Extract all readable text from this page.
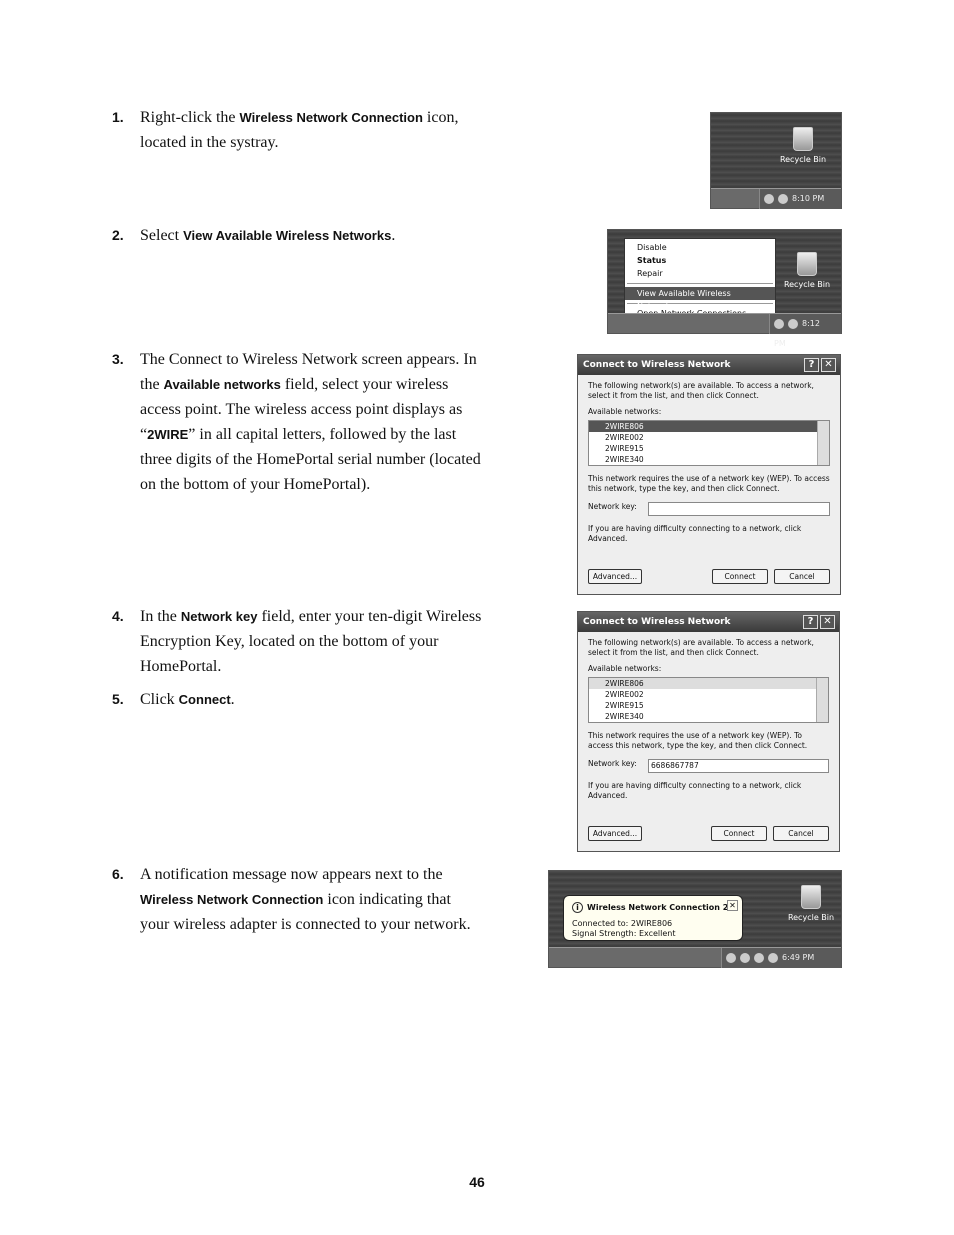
1. Right-click the Wireless Network Connection icon, located in the systray.
2. Select View Available Wireless Networks.
3. The Connect to Wireless Network screen appears. In the Available networks field, select your wireless access point. The wireless access point displays as “2WIRE” in all capital letters, followed by the last three digits of the HomePortal serial number (located on the bottom of your HomePortal).
4. In the Network key field, enter your ten-digit Wireless Encryption Key, located on the bottom of your HomePortal.
5. Click Connect.
6. A notification message now appears next to the Wireless Network Connection icon indicating that your wireless adapter is connected to your network.
Recycle Bin
8:10 PM
Recycle Bin
Disable
Status
Repair
View Available Wireless Networks
8:12 PM
Connect to Wireless Network	? ✕
The following network(s) are available. To access a network, select it from the list, and then click Connect.
Available networks:
2WIRE806
2WIRE002
2WIRE915
2WIRE340
This network requires the use of a network key (WEP). To access this network, type the key, and then click Connect.
Network key:
If you are having difficulty connecting to a network, click Advanced.
Advanced...	Connect	Cancel
Connect to Wireless Network	? ✕
The following network(s) are available. To access a network, select it from the list, and then click Connect.
Available networks:
2WIRE806
2WIRE002
2WIRE915
2WIRE340
This network requires the use of a network key (WEP). To access this network, type the key, and then click Connect.
Network key:	6686867787
If you are having difficulty connecting to a network, click Advanced.
Advanced...	Connect	Cancel
Recycle Bin
i Wireless Network Connection 2 ✕
Connected to: 2WIRE806
Signal Strength: Excellent
6:49 PM
46
